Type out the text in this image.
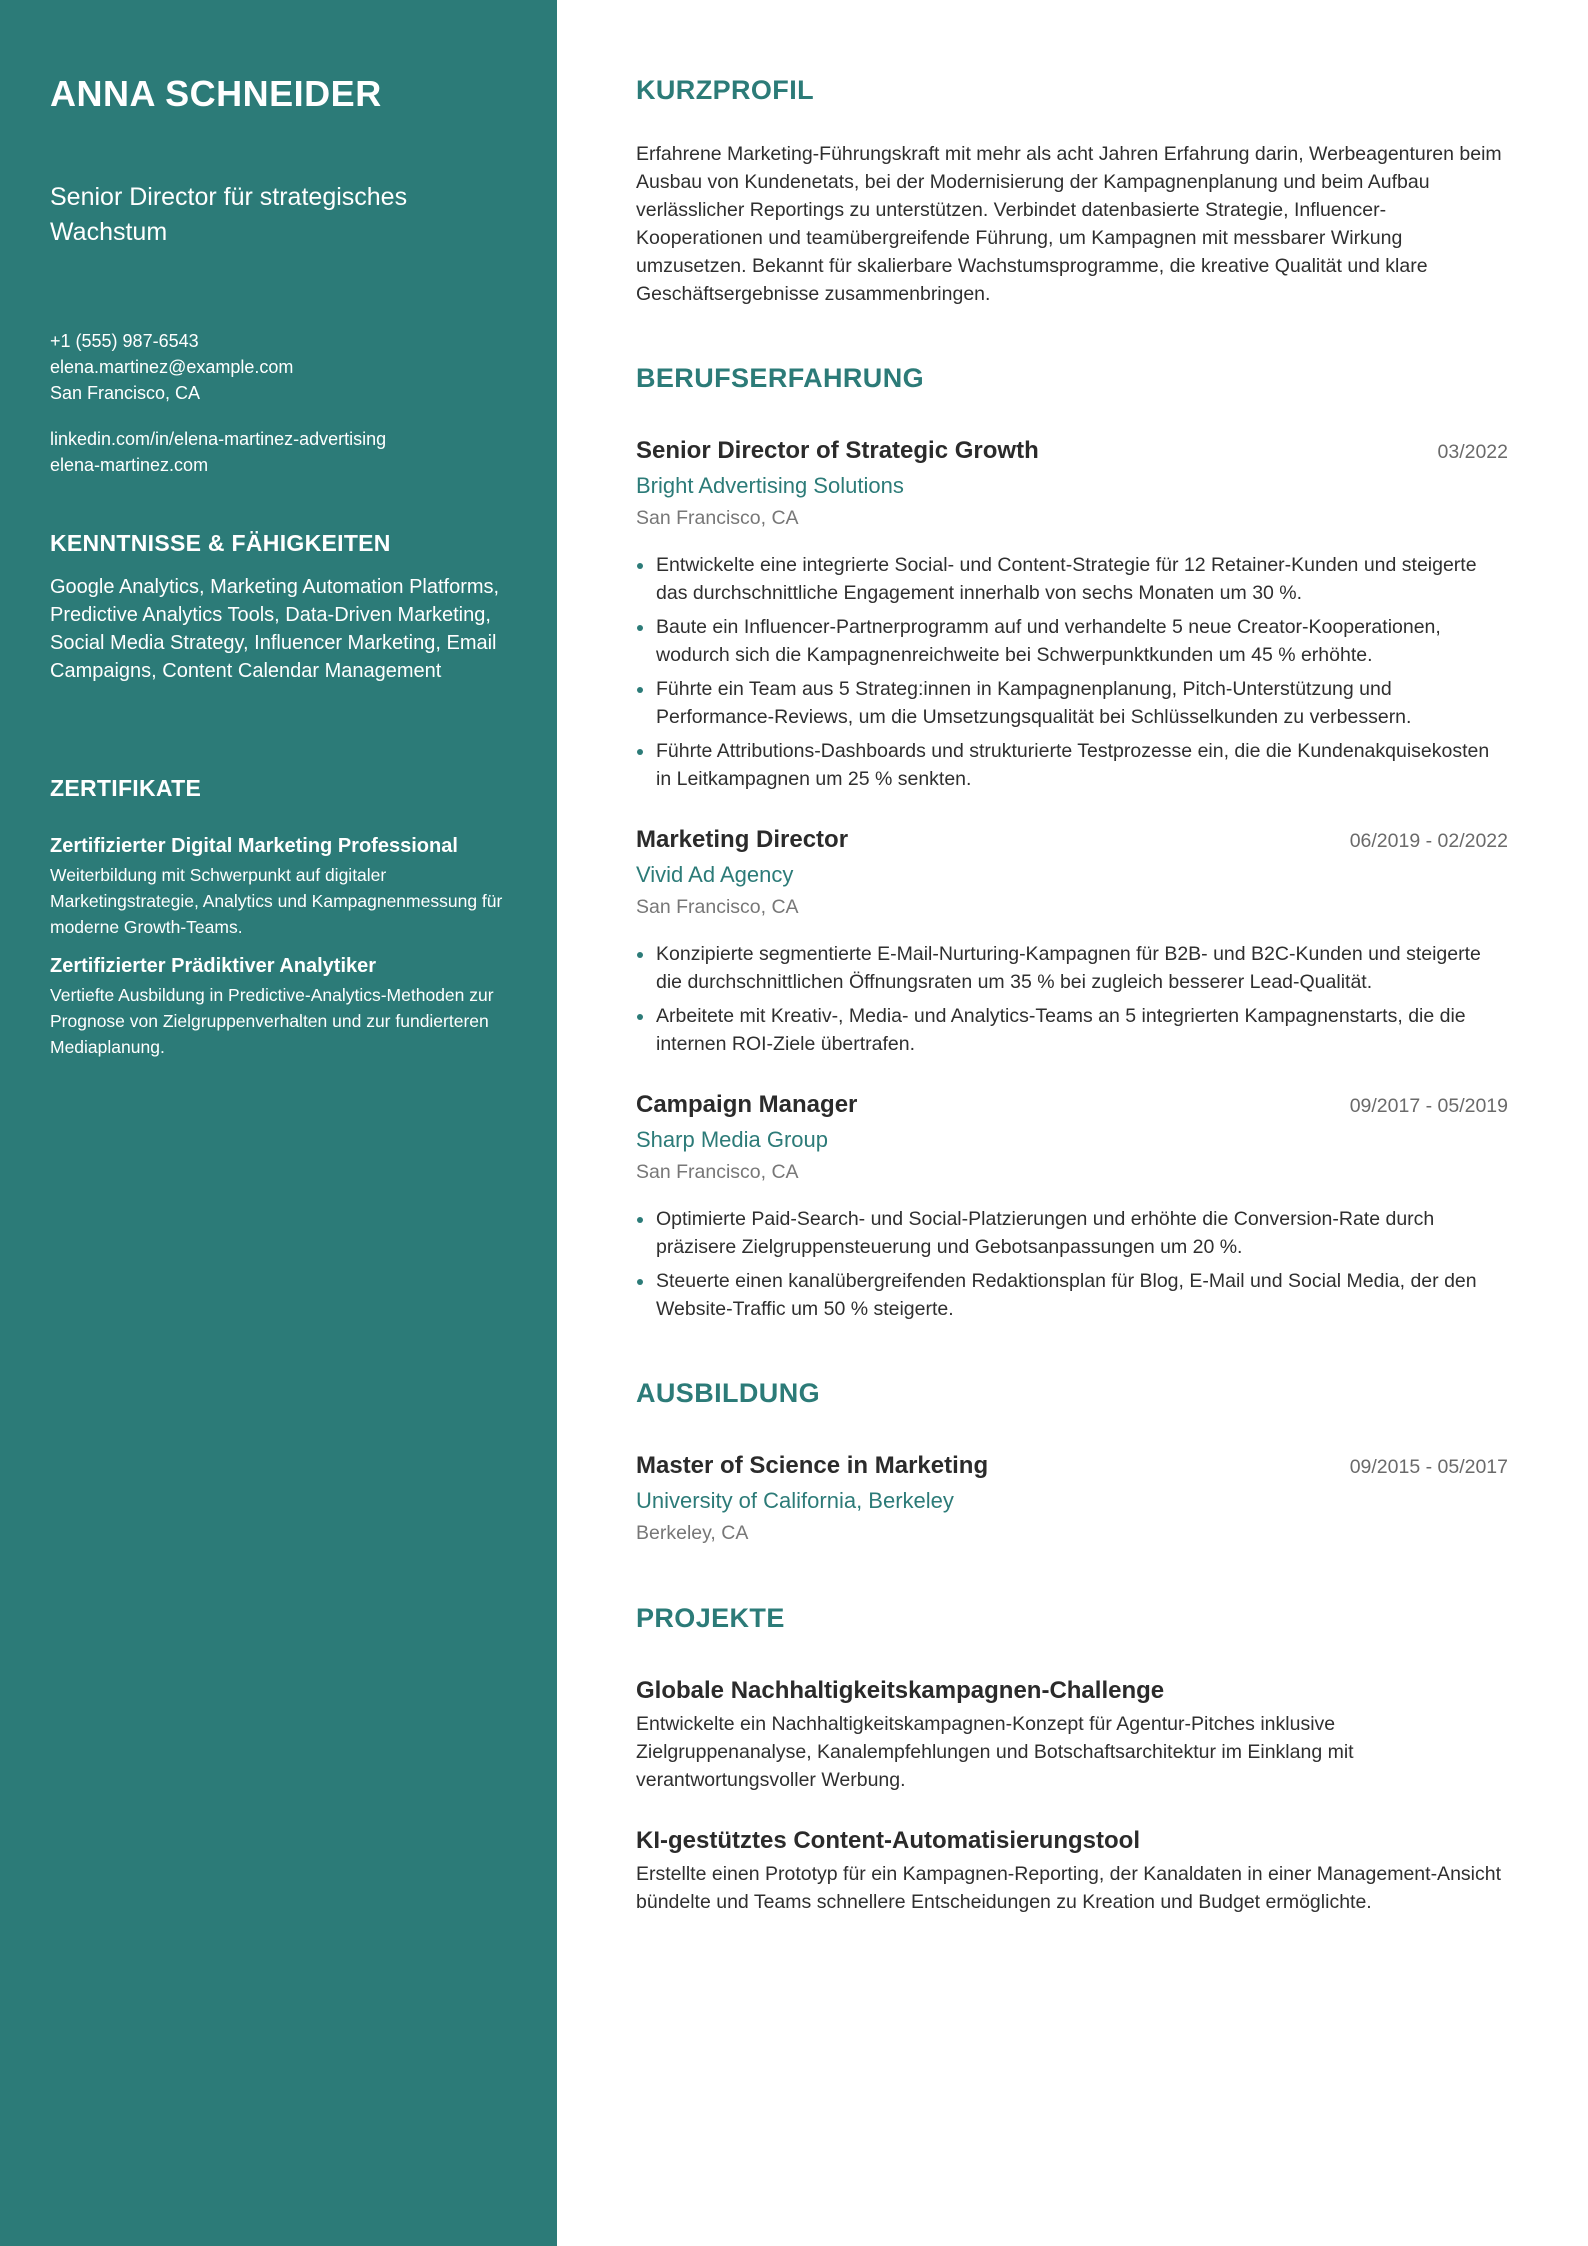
ANNA SCHNEIDER
Senior Director für strategisches Wachstum
+1 (555) 987-6543
elena.martinez@example.com
San Francisco, CA
linkedin.com/in/elena-martinez-advertising
elena-martinez.com
KENNTNISSE & FÄHIGKEITEN
Google Analytics, Marketing Automation Platforms, Predictive Analytics Tools, Data-Driven Marketing, Social Media Strategy, Influencer Marketing, Email Campaigns, Content Calendar Management
ZERTIFIKATE
Zertifizierter Digital Marketing Professional
Weiterbildung mit Schwerpunkt auf digitaler Marketingstrategie, Analytics und Kampagnenmessung für moderne Growth-Teams.
Zertifizierter Prädiktiver Analytiker
Vertiefte Ausbildung in Predictive-Analytics-Methoden zur Prognose von Zielgruppenverhalten und zur fundierteren Mediaplanung.
KURZPROFIL
Erfahrene Marketing-Führungskraft mit mehr als acht Jahren Erfahrung darin, Werbeagenturen beim Ausbau von Kundenetats, bei der Modernisierung der Kampagnenplanung und beim Aufbau verlässlicher Reportings zu unterstützen. Verbindet datenbasierte Strategie, Influencer-Kooperationen und teamübergreifende Führung, um Kampagnen mit messbarer Wirkung umzusetzen. Bekannt für skalierbare Wachstumsprogramme, die kreative Qualität und klare Geschäftsergebnisse zusammenbringen.
BERUFSERFAHRUNG
Senior Director of Strategic Growth	03/2022
Bright Advertising Solutions
San Francisco, CA
Entwickelte eine integrierte Social- und Content-Strategie für 12 Retainer-Kunden und steigerte das durchschnittliche Engagement innerhalb von sechs Monaten um 30 %.
Baute ein Influencer-Partnerprogramm auf und verhandelte 5 neue Creator-Kooperationen, wodurch sich die Kampagnenreichweite bei Schwerpunktkunden um 45 % erhöhte.
Führte ein Team aus 5 Strateg:innen in Kampagnenplanung, Pitch-Unterstützung und Performance-Reviews, um die Umsetzungsqualität bei Schlüsselkunden zu verbessern.
Führte Attributions-Dashboards und strukturierte Testprozesse ein, die die Kundenakquisekosten in Leitkampagnen um 25 % senkten.
Marketing Director	06/2019 - 02/2022
Vivid Ad Agency
San Francisco, CA
Konzipierte segmentierte E-Mail-Nurturing-Kampagnen für B2B- und B2C-Kunden und steigerte die durchschnittlichen Öffnungsraten um 35 % bei zugleich besserer Lead-Qualität.
Arbeitete mit Kreativ-, Media- und Analytics-Teams an 5 integrierten Kampagnenstarts, die die internen ROI-Ziele übertrafen.
Campaign Manager	09/2017 - 05/2019
Sharp Media Group
San Francisco, CA
Optimierte Paid-Search- und Social-Platzierungen und erhöhte die Conversion-Rate durch präzisere Zielgruppensteuerung und Gebotsanpassungen um 20 %.
Steuerte einen kanalübergreifenden Redaktionsplan für Blog, E-Mail und Social Media, der den Website-Traffic um 50 % steigerte.
AUSBILDUNG
Master of Science in Marketing	09/2015 - 05/2017
University of California, Berkeley
Berkeley, CA
PROJEKTE
Globale Nachhaltigkeitskampagnen-Challenge
Entwickelte ein Nachhaltigkeitskampagnen-Konzept für Agentur-Pitches inklusive Zielgruppenanalyse, Kanalempfehlungen und Botschaftsarchitektur im Einklang mit verantwortungsvoller Werbung.
KI-gestütztes Content-Automatisierungstool
Erstellte einen Prototyp für ein Kampagnen-Reporting, der Kanaldaten in einer Management-Ansicht bündelte und Teams schnellere Entscheidungen zu Kreation und Budget ermöglichte.
